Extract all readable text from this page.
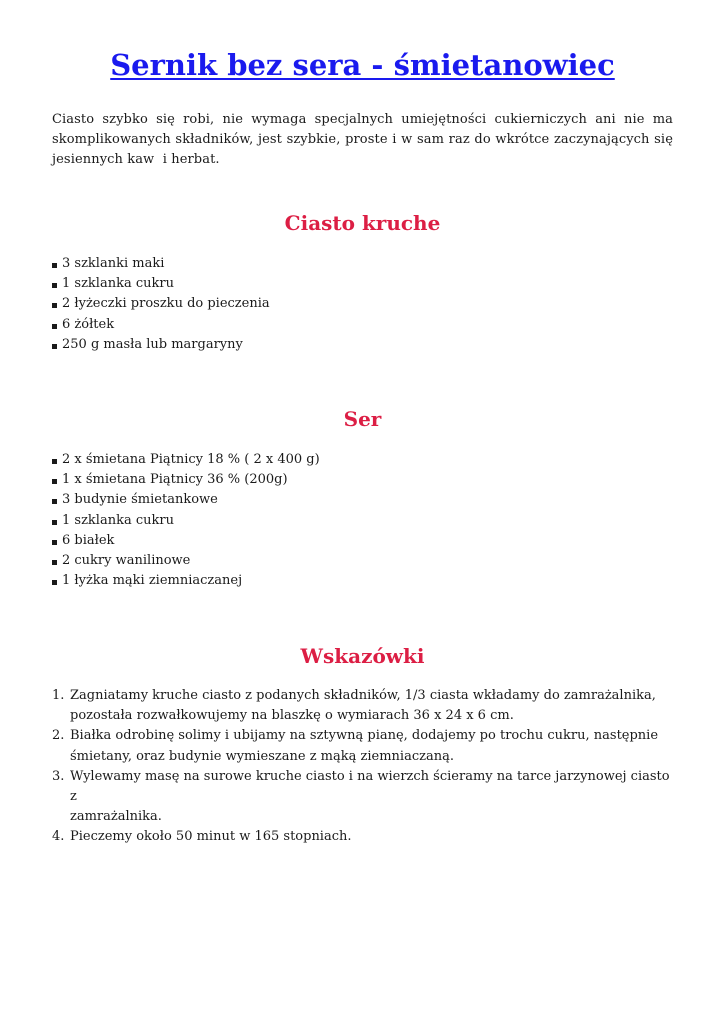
Sernik bez sera - śmietanowiec
Ciasto szybko się robi, nie wymaga specjalnych umiejętności cukierniczych ani nie ma
skomplikowanych składników, jest szybkie, proste i w sam raz do wkrótce zaczynających się
jesiennych kaw  i herbat.
Ciasto kruche
3 szklanki maki
1 szklanka cukru
2 łyżeczki proszku do pieczenia
6 żółtek
250 g masła lub margaryny
Ser
2 x śmietana Piątnicy 18 % ( 2 x 400 g)
1 x śmietana Piątnicy 36 % (200g)
3 budynie śmietankowe
1 szklanka cukru
6 białek
2 cukry wanilinowe
1 łyżka mąki ziemniaczanej
Wskazówki
1. Zagniatamy kruche ciasto z podanych składników, 1/3 ciasta wkładamy do zamrażalnika,
pozostała rozwałkowujemy na blaszkę o wymiarach 36 x 24 x 6 cm.
2. Białka odrobinę solimy i ubijamy na sztywną pianę, dodajemy po trochu cukru, następnie
śmietany, oraz budynie wymieszane z mąką ziemniaczaną.
3. Wylewamy masę na surowe kruche ciasto i na wierzch ścieramy na tarce jarzynowej ciasto z
zamrażalnika.
4. Pieczemy około 50 minut w 165 stopniach.
